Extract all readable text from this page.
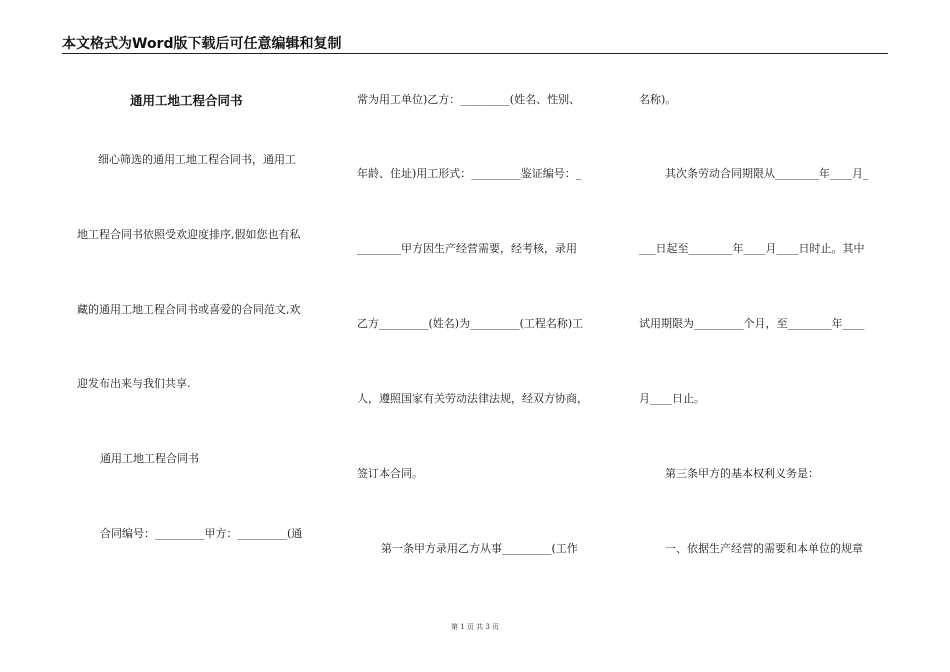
本文格式为Word版下载后可任意编辑和复制
通用工地工程合同书
细心筛选的通用工地工程合同书，通用工
地工程合同书依照受欢迎度排序,假如您也有私
藏的通用工地工程合同书或喜爱的合同范文,欢
迎发布出来与我们共享.
通用工地工程合同书
合同编号：_________甲方：_________(通
常为用工单位)乙方：_________(姓名、性别、
年龄、住址)用工形式：_________鉴证编号：_
________甲方因生产经营需要，经考核，录用
乙方_________(姓名)为_________(工程名称)工
人，遵照国家有关劳动法律法规，经双方协商，
签订本合同。
第一条甲方录用乙方从事_________(工作
名称)。
其次条劳动合同期限从________年____月_
___日起至________年____月____日时止。其中
试用期限为_________个月，至________年____
月____日止。
第三条甲方的基本权利义务是：
一、依据生产经营的需要和本单位的规章
第 1 页 共 3 页
